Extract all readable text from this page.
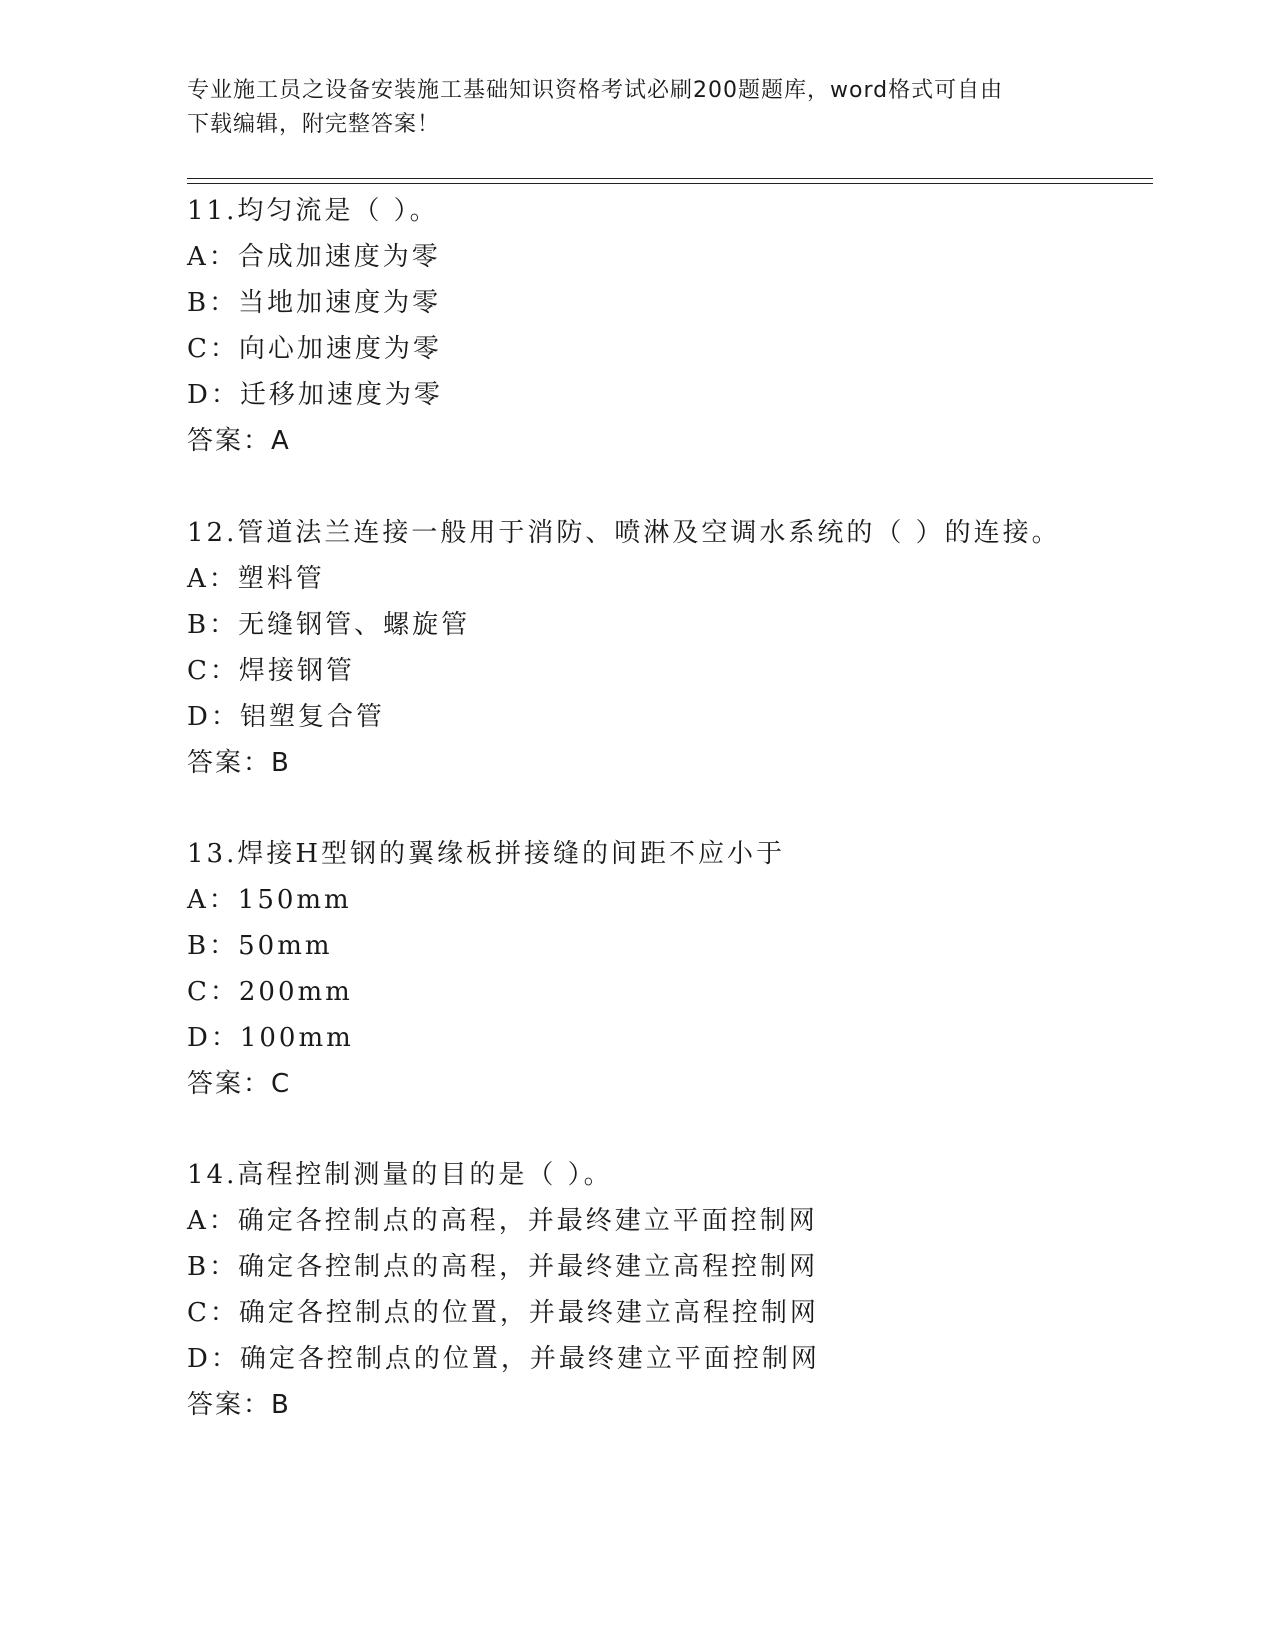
专业施工员之设备安装施工基础知识资格考试必刷200题题库，word格式可自由
下载编辑，附完整答案！
11.均匀流是（ ）。
A：合成加速度为零
B：当地加速度为零
C：向心加速度为零
D：迁移加速度为零
答案：A
12.管道法兰连接一般用于消防、喷淋及空调水系统的（ ）的连接。
A：塑料管
B：无缝钢管、螺旋管
C：焊接钢管
D：铝塑复合管
答案：B
13.焊接H型钢的翼缘板拼接缝的间距不应小于
A：150mm
B：50mm
C：200mm
D：100mm
答案：C
14.高程控制测量的目的是（ ）。
A：确定各控制点的高程，并最终建立平面控制网
B：确定各控制点的高程，并最终建立高程控制网
C：确定各控制点的位置，并最终建立高程控制网
D：确定各控制点的位置，并最终建立平面控制网
答案：B
